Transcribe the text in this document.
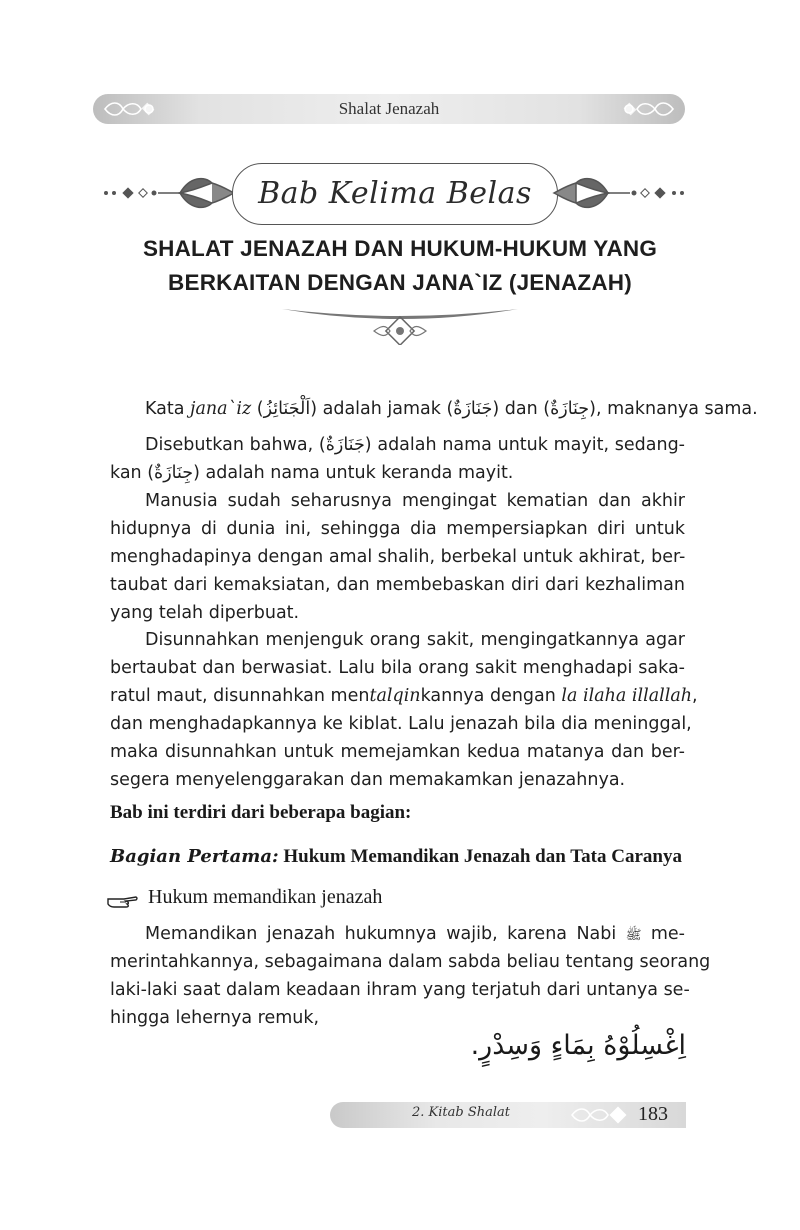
Shalat Jenazah
Bab Kelima Belas
SHALAT JENAZAH DAN HUKUM-HUKUM YANG
BERKAITAN DENGAN JANA`IZ (JENAZAH)
Kata jana`iz (اَلْجَنَائِزُ) adalah jamak (جَنَازَةٌ) dan (جِنَازَةٌ), maknanya sama.
Disebutkan bahwa, (جَنَازَةٌ) adalah nama untuk mayit, sedang-
kan (جِنَازَةٌ) adalah nama untuk keranda mayit.
Manusia sudah seharusnya mengingat kematian dan akhir
hidupnya di dunia ini, sehingga dia mempersiapkan diri untuk
menghadapinya dengan amal shalih, berbekal untuk akhirat, ber-
taubat dari kemaksiatan, dan membebaskan diri dari kezhaliman
yang telah diperbuat.
Disunnahkan menjenguk orang sakit, mengingatkannya agar
bertaubat dan berwasiat. Lalu bila orang sakit menghadapi saka-
ratul maut, disunnahkan mentalqinkannya dengan la ilaha illallah,
dan menghadapkannya ke kiblat. Lalu jenazah bila dia meninggal,
maka disunnahkan untuk memejamkan kedua matanya dan ber-
segera menyelenggarakan dan memakamkan jenazahnya.
Bab ini terdiri dari beberapa bagian:
Bagian Pertama: Hukum Memandikan Jenazah dan Tata Caranya
Hukum memandikan jenazah
Memandikan jenazah hukumnya wajib, karena Nabi ﷺ me-
merintahkannya, sebagaimana dalam sabda beliau tentang seorang
laki-laki saat dalam keadaan ihram yang terjatuh dari untanya se-
hingga lehernya remuk,
اِغْسِلُوْهُ بِمَاءٍ وَسِدْرٍ.
2. Kitab Shalat	183
